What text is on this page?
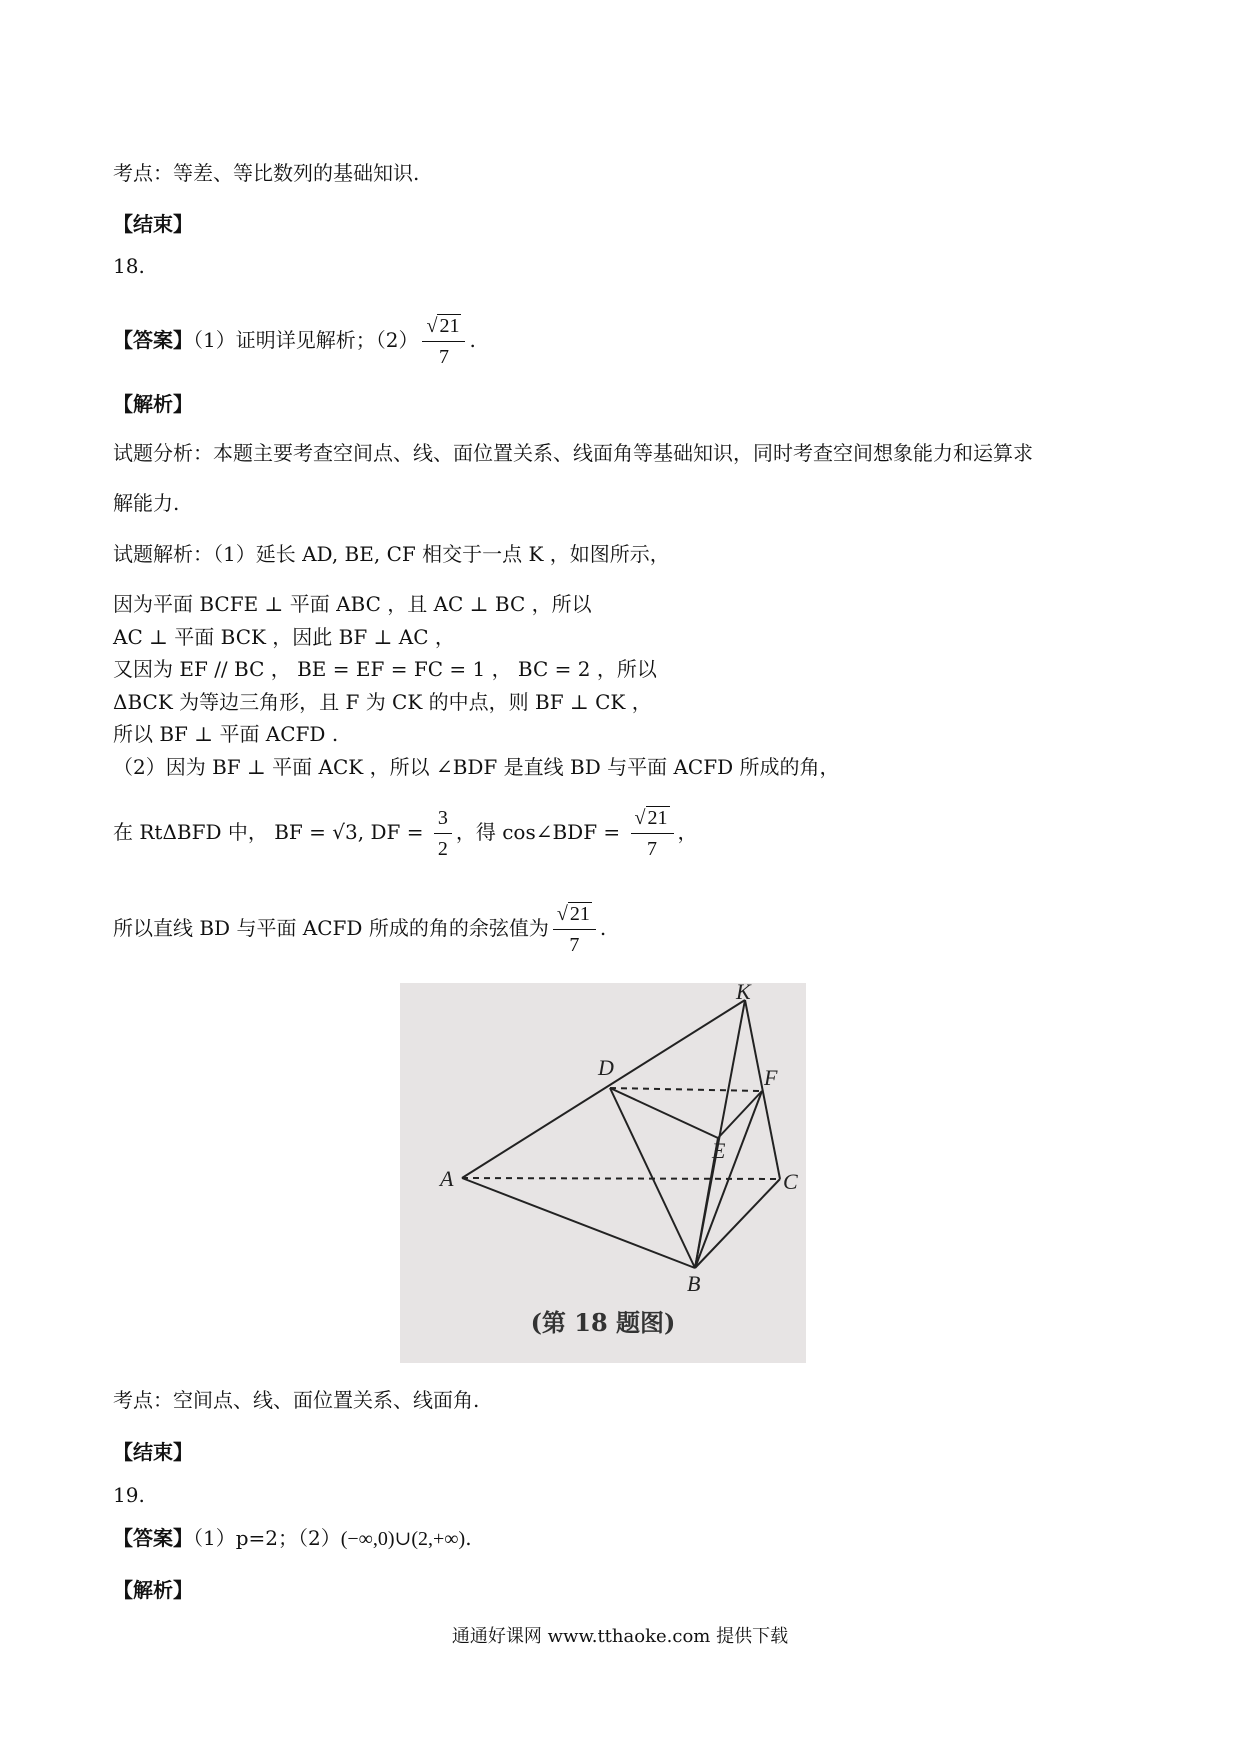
考点：等差、等比数列的基础知识.
【结束】
18.
【答案】（1）证明详见解析；$(2) \frac{√ 21}{7}$ .
【解析】
试题分析：本题主要考查空间点、线、面位置关系、线面角等基础知识，同时考查空间想象能力和运算求
解能力.
试题解析：（1）延长 AD, BE, CF 相交于一点 K ，如图所示，
因为平面 BCFE ⊥ 平面 ABC ，且 AC ⊥ BC ，所以
AC ⊥ 平面 BCK ，因此 BF ⊥ AC ，
又因为 EF // BC ， BE = EF = FC = 1 ， BC = 2 ，所以
ΔBCK 为等边三角形，且 F 为 CK 的中点，则 BF ⊥ CK ，
所以 BF ⊥ 平面 ACFD .
（2）因为 BF ⊥ 平面 ACK ，所以 ∠BDF 是直线 BD 与平面 ACFD 所成的角，
在 RtΔBFD 中， BF = √3, DF = $\frac{3}{2}$ ，得 cos∠BDF = $\frac{√ 21}{7}$ ，
所以直线 BD 与平面 ACFD 所成的角的余弦值为 $\frac{√ 21}{7}$ .
K
D	F
E
A	C
B
(第 18 题图)
考点：空间点、线、面位置关系、线面角.
【结束】
19.
【答案】（1）p=2；（2）(−∞,0)∪(2,+∞).
【解析】
通通好课网 www.tthaoke.com 提供下载
